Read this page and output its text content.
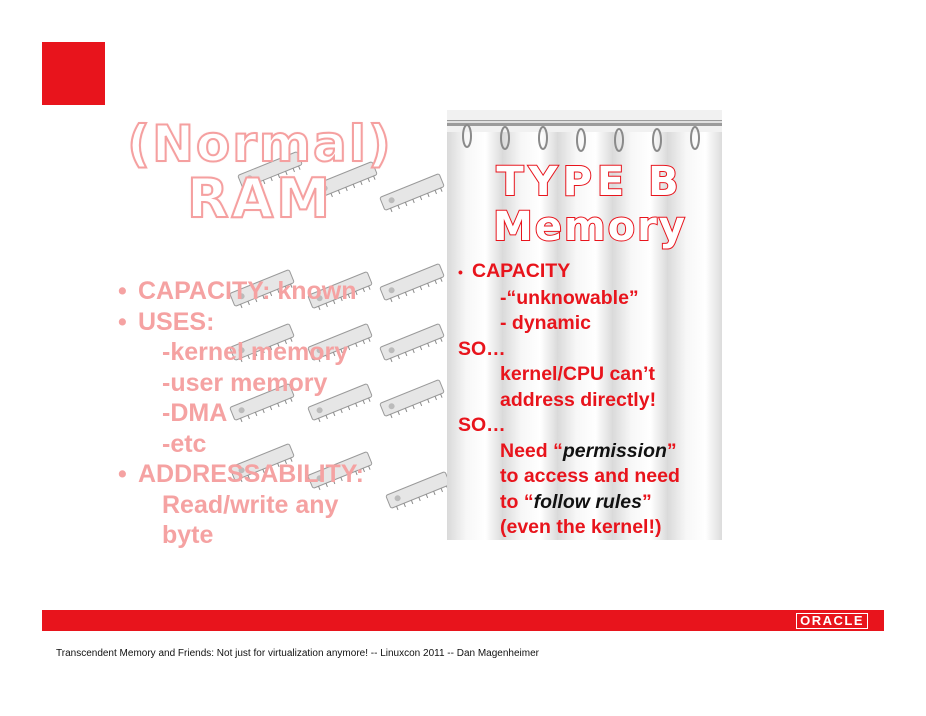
(Normal)
RAM
• CAPACITY: known
• USES:
-kernel memory
-user memory
-DMA
-etc
• ADDRESSABILITY:
Read/write any
byte
TYPE B
Memory
• CAPACITY
-“unknowable”
- dynamic
SO…
kernel/CPU can’t
address directly!
SO…
Need “permission”
to access and need
to “follow rules”
(even the kernel!)
ORACLE
Transcendent Memory and Friends: Not just for virtualization anymore! -- Linuxcon 2011 -- Dan Magenheimer
